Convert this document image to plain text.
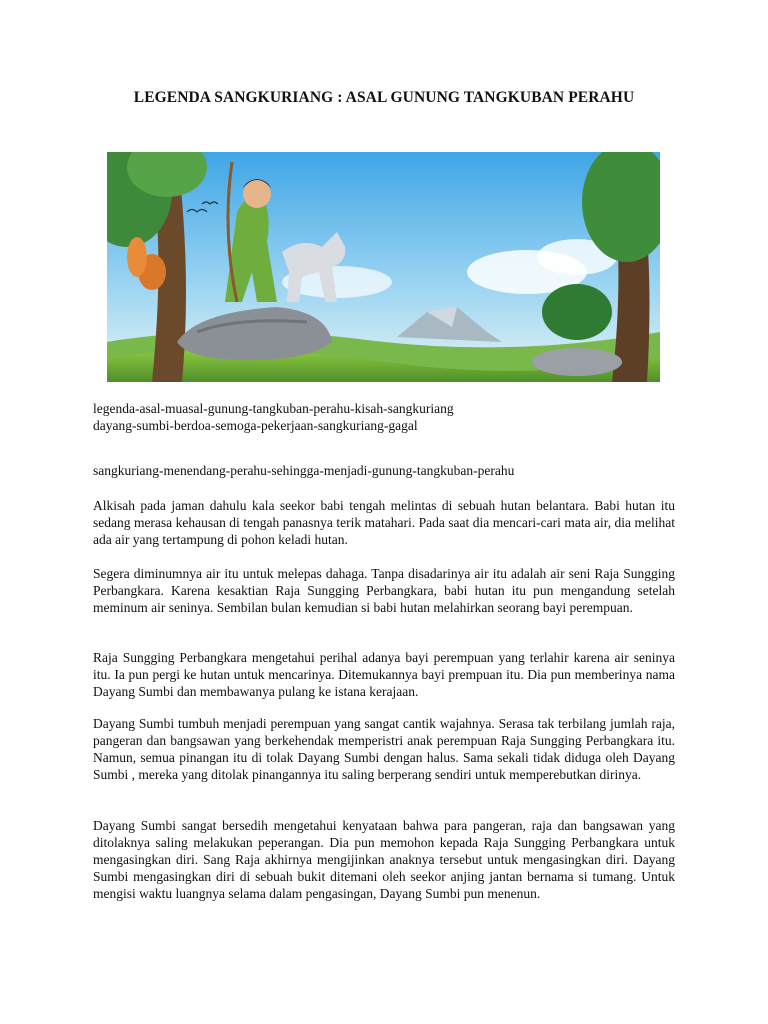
LEGENDA SANGKURIANG : ASAL GUNUNG TANGKUBAN PERAHU
legenda-asal-muasal-gunung-tangkuban-perahu-kisah-sangkuriang
dayang-sumbi-berdoa-semoga-pekerjaan-sangkuriang-gagal
sangkuriang-menendang-perahu-sehingga-menjadi-gunung-tangkuban-perahu

Alkisah pada jaman dahulu kala seekor babi tengah melintas di sebuah hutan belantara. Babi hutan itu sedang merasa kehausan di tengah panasnya terik matahari. Pada saat dia mencari-cari mata air, dia melihat ada air yang tertampung di pohon keladi hutan.

Segera diminumnya air itu untuk melepas dahaga. Tanpa disadarinya air itu adalah air seni Raja Sungging Perbangkara. Karena kesaktian Raja Sungging Perbangkara, babi hutan itu pun mengandung setelah meminum air seninya. Sembilan bulan kemudian si babi hutan melahirkan seorang bayi perempuan.

Raja Sungging Perbangkara mengetahui perihal adanya bayi perempuan yang terlahir karena air seninya itu. Ia pun pergi ke hutan untuk mencarinya. Ditemukannya bayi prempuan itu. Dia pun memberinya nama Dayang Sumbi dan membawanya pulang ke istana kerajaan.

Dayang Sumbi tumbuh menjadi perempuan yang sangat cantik wajahnya. Serasa tak terbilang jumlah raja, pangeran dan bangsawan yang berkehendak memperistri anak perempuan Raja Sungging Perbangkara itu. Namun, semua pinangan itu di tolak Dayang Sumbi dengan halus. Sama sekali tidak diduga oleh Dayang Sumbi , mereka yang ditolak pinangannya itu saling berperang sendiri untuk memperebutkan dirinya.

Dayang Sumbi sangat bersedih mengetahui kenyataan bahwa para pangeran, raja dan bangsawan yang ditolaknya saling melakukan peperangan. Dia pun memohon kepada Raja Sungging Perbangkara untuk mengasingkan diri. Sang Raja akhirnya mengijinkan anaknya tersebut untuk mengasingkan diri. Dayang Sumbi mengasingkan diri di sebuah bukit ditemani oleh seekor anjing jantan bernama si tumang. Untuk mengisi waktu luangnya selama dalam pengasingan, Dayang Sumbi pun menenun.
